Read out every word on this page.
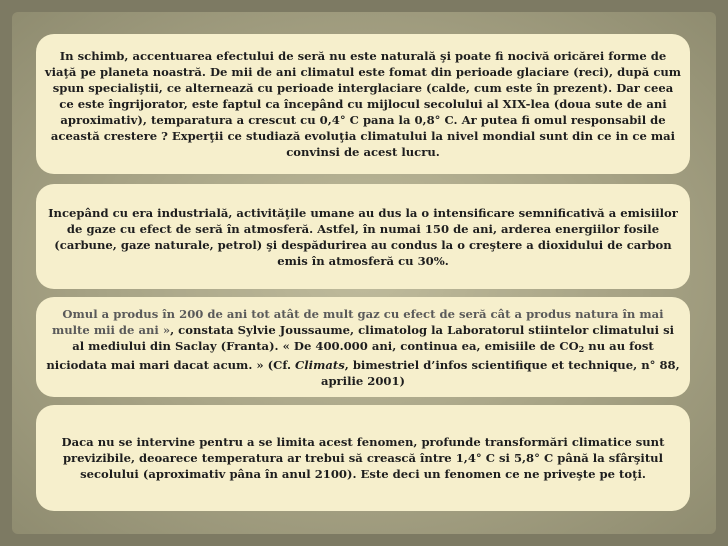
In schimb, accentuarea efectului de seră nu este naturală şi poate fi nocivă oricărei forme de viaţă pe planeta noastră. De mii de ani climatul este fomat din perioade glaciare (reci), după cum spun specialiştii, ce alternează cu perioade interglaciare (calde, cum este în prezent). Dar ceea ce este îngrijorator, este faptul ca începând cu mijlocul secolului al XIX-lea (doua sute de ani aproximativ), temparatura a crescut cu 0,4° C pana la 0,8° C. Ar putea fi omul responsabil de această crestere ? Experţii ce studiază evoluţia climatului la nivel mondial sunt din ce in ce mai convinsi de acest lucru.
Incepând cu era industrială, activităţile umane au dus la o intensificare semnificativă a emisiilor de gaze cu efect de seră în atmosferă. Astfel, în numai 150 de ani, arderea energiilor fosile (carbune, gaze naturale, petrol) şi despădurirea au condus la o creştere a dioxidului de carbon emis în atmosferă cu 30%.
Omul a produs în 200 de ani tot atât de mult gaz cu efect de seră cât a produs natura în mai multe mii de ani », constata Sylvie Joussaume, climatolog la Laboratorul stiintelor climatului si al mediului din Saclay (Franta). « De 400.000 ani, continua ea, emisiile de $CO_2$ nu au fost niciodata mai mari dacat acum. » (Cf. Climats, bimestriel d’infos scientifique et technique, n° 88, aprilie 2001)
Daca nu se intervine pentru a se limita acest fenomen, profunde transformări climatice sunt previzibile, deoarece temperatura ar trebui să crească între 1,4° C si 5,8° C până la sfârşitul secolului (aproximativ pâna în anul 2100). Este deci un fenomen ce ne priveşte pe toţi.
